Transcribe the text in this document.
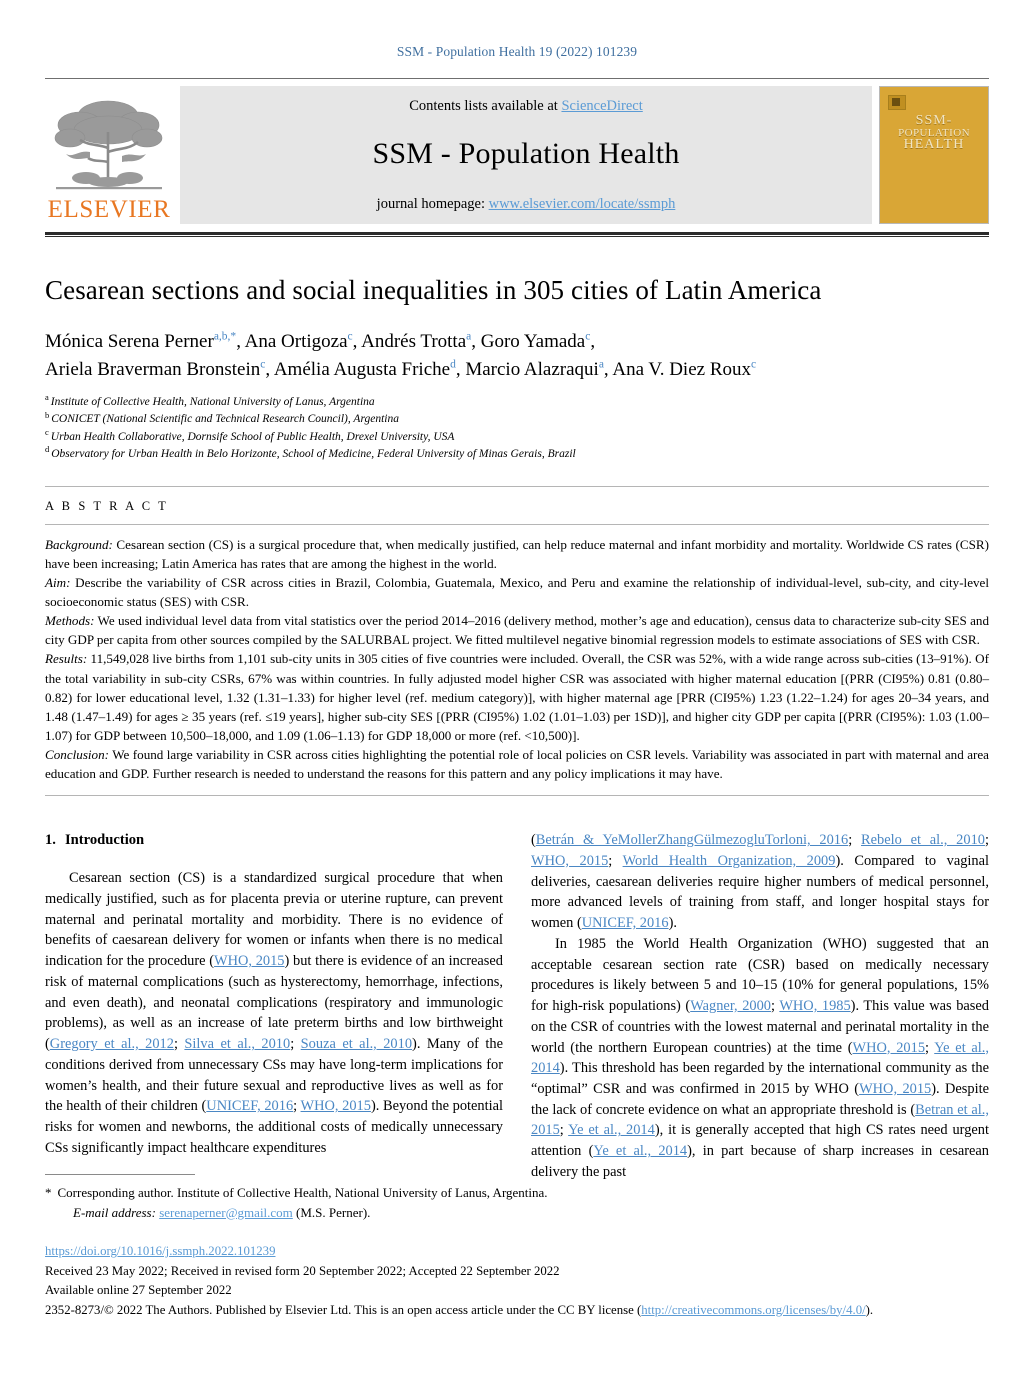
SSM - Population Health 19 (2022) 101239
ELSEVIER
Contents lists available at ScienceDirect
SSM - Population Health
journal homepage: www.elsevier.com/locate/ssmph
SSM-
POPULATION
HEALTH
Cesarean sections and social inequalities in 305 cities of Latin America
Mónica Serena Perner$^{a,b,*}$, Ana Ortigoza$^c$, Andrés Trotta$^a$, Goro Yamada$^c$,
Ariela Braverman Bronstein$^c$, Amélia Augusta Friche$^d$, Marcio Alazraqui$^a$, Ana V. Diez Roux$^c$
$^a$ Institute of Collective Health, National University of Lanus, Argentina
$^b$ CONICET (National Scientific and Technical Research Council), Argentina
$^c$ Urban Health Collaborative, Dornsife School of Public Health, Drexel University, USA
$^d$ Observatory for Urban Health in Belo Horizonte, School of Medicine, Federal University of Minas Gerais, Brazil
A B S T R A C T

Background: Cesarean section (CS) is a surgical procedure that, when medically justified, can help reduce maternal and infant morbidity and mortality. Worldwide CS rates (CSR) have been increasing; Latin America has rates that are among the highest in the world.

Aim: Describe the variability of CSR across cities in Brazil, Colombia, Guatemala, Mexico, and Peru and examine the relationship of individual-level, sub-city, and city-level socioeconomic status (SES) with CSR.

Methods: We used individual level data from vital statistics over the period 2014–2016 (delivery method, mother’s age and education), census data to characterize sub-city SES and city GDP per capita from other sources compiled by the SALURBAL project. We fitted multilevel negative binomial regression models to estimate associations of SES with CSR.

Results: 11,549,028 live births from 1,101 sub-city units in 305 cities of five countries were included. Overall, the CSR was 52%, with a wide range across sub-cities (13–91%). Of the total variability in sub-city CSRs, 67% was within countries. In fully adjusted model higher CSR was associated with higher maternal education [(PRR (CI95%) 0.81 (0.80–0.82) for lower educational level, 1.32 (1.31–1.33) for higher level (ref. medium category)], with higher maternal age [PRR (CI95%) 1.23 (1.22–1.24) for ages 20–34 years, and 1.48 (1.47–1.49) for ages ≥ 35 years (ref. ≤19 years], higher sub-city SES [(PRR (CI95%) 1.02 (1.01–1.03) per 1SD)], and higher city GDP per capita [(PRR (CI95%): 1.03 (1.00–1.07) for GDP between 10,500–18,000, and 1.09 (1.06–1.13) for GDP 18,000 or more (ref. <10,500)].

Conclusion: We found large variability in CSR across cities highlighting the potential role of local policies on CSR levels. Variability was associated in part with maternal and area education and GDP. Further research is needed to understand the reasons for this pattern and any policy implications it may have.

1. Introduction

Cesarean section (CS) is a standardized surgical procedure that when medically justified, such as for placenta previa or uterine rupture, can prevent maternal and perinatal mortality and morbidity. There is no evidence of benefits of caesarean delivery for women or infants when there is no medical indication for the procedure (WHO, 2015) but there is evidence of an increased risk of maternal complications (such as hysterectomy, hemorrhage, infections, and even death), and neonatal complications (respiratory and immunologic problems), as well as an increase of late preterm births and low birthweight (Gregory et al., 2012; Silva et al., 2010; Souza et al., 2010). Many of the conditions derived from unnecessary CSs may have long-term implications for women’s health, and their future sexual and reproductive lives as well as for the health of their children (UNICEF, 2016; WHO, 2015). Beyond the potential risks for women and newborns, the additional costs of medically unnecessary CSs significantly impact healthcare expenditures

(Betrán & YeMollerZhangGülmezogluTorloni, 2016; Rebelo et al., 2010; WHO, 2015; World Health Organization, 2009). Compared to vaginal deliveries, caesarean deliveries require higher numbers of medical personnel, more advanced levels of training from staff, and longer hospital stays for women (UNICEF, 2016).

In 1985 the World Health Organization (WHO) suggested that an acceptable cesarean section rate (CSR) based on medically necessary procedures is likely between 5 and 10–15 (10% for general populations, 15% for high-risk populations) (Wagner, 2000; WHO, 1985). This value was based on the CSR of countries with the lowest maternal and perinatal mortality in the world (the northern European countries) at the time (WHO, 2015; Ye et al., 2014). This threshold has been regarded by the international community as the “optimal” CSR and was confirmed in 2015 by WHO (WHO, 2015). Despite the lack of concrete evidence on what an appropriate threshold is (Betran et al., 2015; Ye et al., 2014), it is generally accepted that high CS rates need urgent attention (Ye et al., 2014), in part because of sharp increases in cesarean delivery the past

* Corresponding author. Institute of Collective Health, National University of Lanus, Argentina.
E-mail address: serenaperner@gmail.com (M.S. Perner).
https://doi.org/10.1016/j.ssmph.2022.101239
Received 23 May 2022; Received in revised form 20 September 2022; Accepted 22 September 2022
Available online 27 September 2022
2352-8273/© 2022 The Authors. Published by Elsevier Ltd. This is an open access article under the CC BY license (http://creativecommons.org/licenses/by/4.0/).
